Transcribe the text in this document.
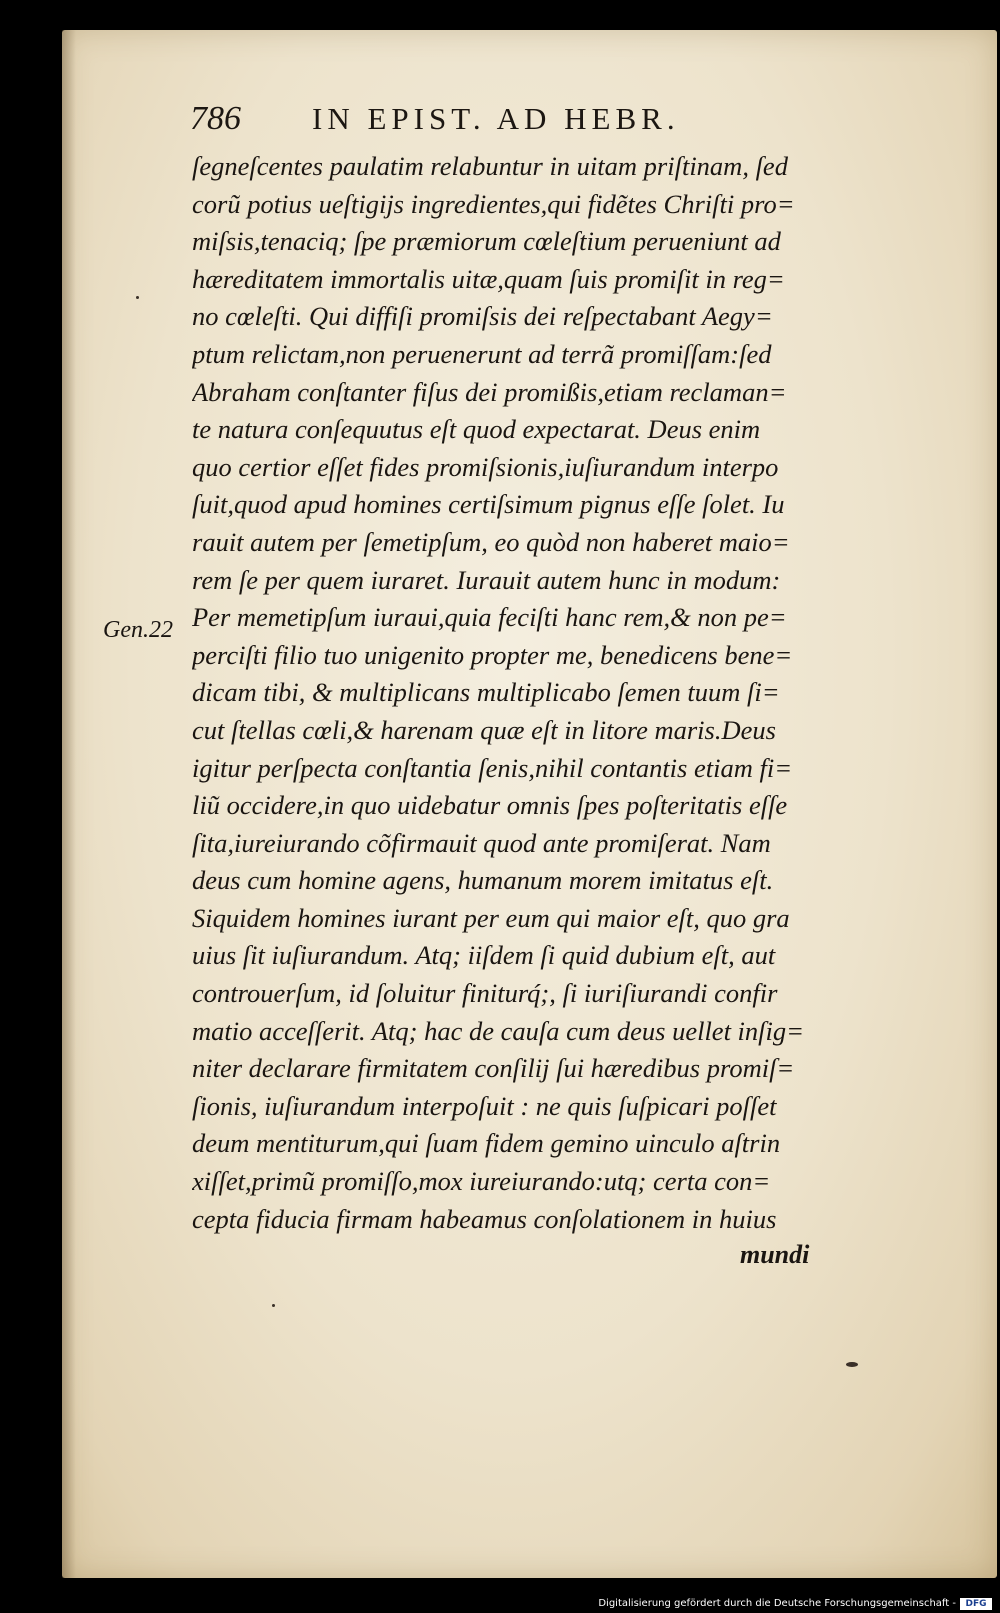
786 IN EPIST. AD HEBR.
Gen.22
ſegneſcentes paulatim relabuntur in uitam priſtinam, ſed
corũ potius ueſtigijs ingredientes,qui fidẽtes Chriſti pro=
miſsis,tenaciq; ſpe præmiorum cœleſtium perueniunt ad
hæreditatem immortalis uitæ,quam ſuis promiſit in reg=
no cœleſti. Qui diffiſi promiſsis dei reſpectabant Aegy=
ptum relictam,non peruenerunt ad terrã promiſſam:ſed
Abraham conſtanter fiſus dei promißis,etiam reclaman=
te natura conſequutus eſt quod expectarat. Deus enim
quo certior eſſet fides promiſsionis,iuſiurandum interpo
ſuit,quod apud homines certiſsimum pignus eſſe ſolet. Iu
rauit autem per ſemetipſum, eo quòd non haberet maio=
rem ſe per quem iuraret. Iurauit autem hunc in modum:
Per memetipſum iuraui,quia feciſti hanc rem,& non pe=
perciſti filio tuo unigenito propter me, benedicens bene=
dicam tibi, & multiplicans multiplicabo ſemen tuum ſi=
cut ſtellas cœli,& harenam quæ eſt in litore maris.Deus
igitur perſpecta conſtantia ſenis,nihil contantis etiam fi=
liũ occidere,in quo uidebatur omnis ſpes poſteritatis eſſe
ſita,iureiurando cõfirmauit quod ante promiſerat. Nam
deus cum homine agens, humanum morem imitatus eſt.
Siquidem homines iurant per eum qui maior eſt, quo gra
uius ſit iuſiurandum. Atq; iiſdem ſi quid dubium eſt, aut
controuerſum, id ſoluitur finiturq́;, ſi iuriſiurandi confir
matio acceſſerit. Atq; hac de cauſa cum deus uellet inſig=
niter declarare firmitatem conſilij ſui hæredibus promiſ=
ſionis, iuſiurandum interpoſuit : ne quis ſuſpicari poſſet
deum mentiturum,qui ſuam fidem gemino uinculo aſtrin
xiſſet,primũ promiſſo,mox iureiurando:utq; certa con=
cepta fiducia firmam habeamus conſolationem in huius
mundi
Digitalisierung gefördert durch die Deutsche Forschungsgemeinschaft -	DFG
